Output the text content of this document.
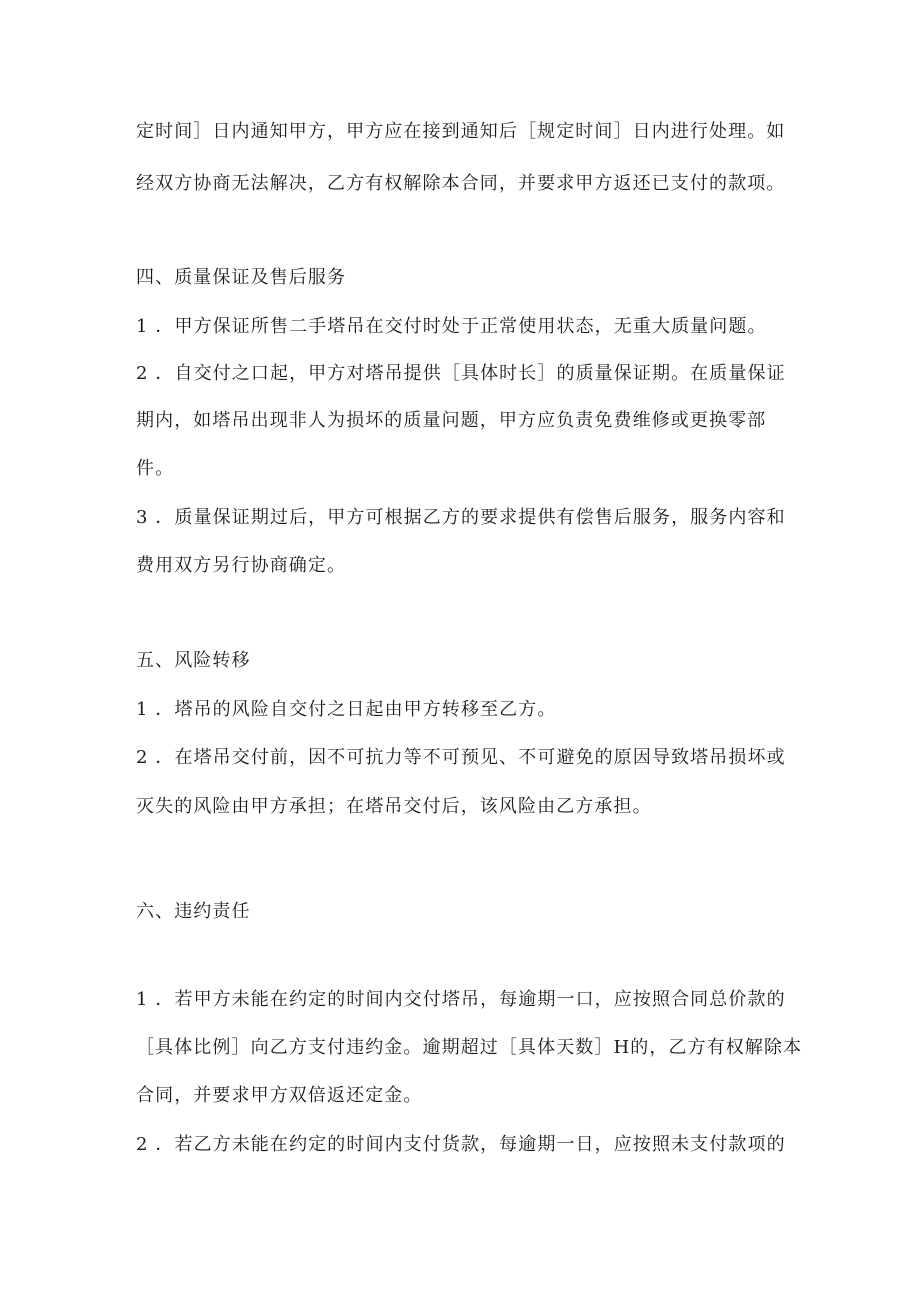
定时间］日内通知甲方，甲方应在接到通知后［规定时间］日内进行处理。如
经双方协商无法解决，乙方有权解除本合同，并要求甲方返还已支付的款项。
四、质量保证及售后服务
1 ．甲方保证所售二手塔吊在交付时处于正常使用状态，无重大质量问题。
2 ．自交付之口起，甲方对塔吊提供［具体时长］的质量保证期。在质量保证
期内，如塔吊出现非人为损坏的质量问题，甲方应负责免费维修或更换零部
件。
3 ．质量保证期过后，甲方可根据乙方的要求提供有偿售后服务，服务内容和
费用双方另行协商确定。
五、风险转移
1 ．塔吊的风险自交付之日起由甲方转移至乙方。
2 ．在塔吊交付前，因不可抗力等不可预见、不可避免的原因导致塔吊损坏或
灭失的风险由甲方承担；在塔吊交付后，该风险由乙方承担。
六、违约责任
1 ．若甲方未能在约定的时间内交付塔吊，每逾期一口，应按照合同总价款的
［具体比例］向乙方支付违约金。逾期超过［具体天数］H的，乙方有权解除本
合同，并要求甲方双倍返还定金。
2 ．若乙方未能在约定的时间内支付货款，每逾期一日，应按照未支付款项的
